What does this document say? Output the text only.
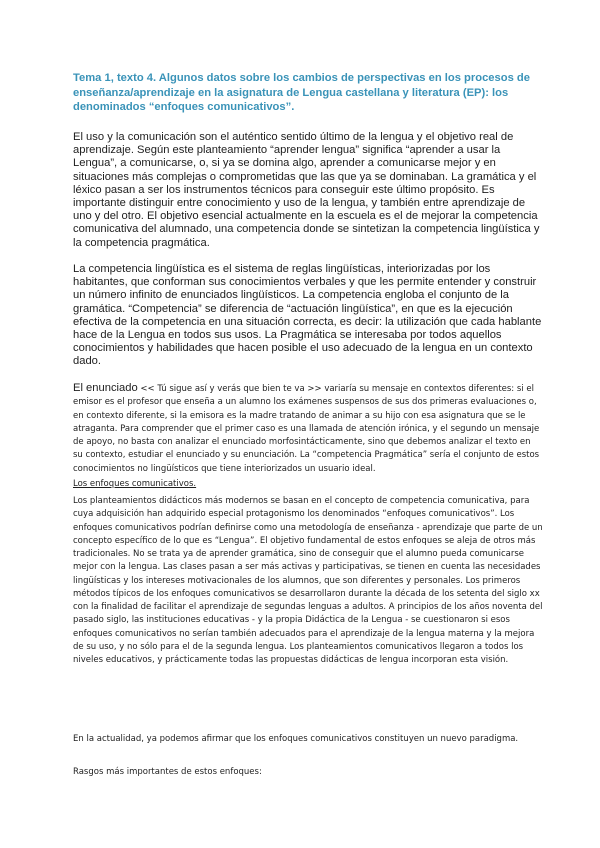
Tema 1, texto 4. Algunos datos sobre los cambios de perspectivas en los procesos de enseñanza/aprendizaje en la asignatura de Lengua castellana y literatura (EP): los denominados “enfoques comunicativos”.

El uso y la comunicación son el auténtico sentido último de la lengua y el objetivo real de aprendizaje. Según este planteamiento “aprender lengua” significa “aprender a usar la Lengua”, a comunicarse, o, si ya se domina algo, aprender a comunicarse mejor y en situaciones más complejas o comprometidas que las que ya se dominaban. La gramática y el léxico pasan a ser los instrumentos técnicos para conseguir este último propósito. Es importante distinguir entre conocimiento y uso de la lengua, y también entre aprendizaje de uno y del otro. El objetivo esencial actualmente en la escuela es el de mejorar la competencia comunicativa del alumnado, una competencia donde se sintetizan la competencia lingüística y la competencia pragmática.

La competencia lingüística es el sistema de reglas lingüísticas, interiorizadas por los habitantes, que conforman sus conocimientos verbales y que les permite entender y construir un número infinito de enunciados lingüísticos. La competencia engloba el conjunto de la gramática. “Competencia” se diferencia de “actuación lingüística”, en que es la ejecución efectiva de la competencia en una situación correcta, es decir: la utilización que cada hablante hace de la Lengua en todos sus usos. La Pragmática se interesaba por todos aquellos conocimientos y habilidades que hacen posible el uso adecuado de la lengua en un contexto dado.

El enunciado << Tú sigue así y verás que bien te va >> variaría su mensaje en contextos diferentes: si el emisor es el profesor que enseña a un alumno los exámenes suspensos de sus dos primeras evaluaciones o, en contexto diferente, si la emisora es la madre tratando de animar a su hijo con esa asignatura que se le atraganta. Para comprender que el primer caso es una llamada de atención irónica, y el segundo un mensaje de apoyo, no basta con analizar el enunciado morfosintácticamente, sino que debemos analizar el texto en su contexto, estudiar el enunciado y su enunciación. La “competencia Pragmática” sería el conjunto de estos conocimientos no lingüísticos que tiene interiorizados un usuario ideal.

Los enfoques comunicativos.

Los planteamientos didácticos más modernos se basan en el concepto de competencia comunicativa, para cuya adquisición han adquirido especial protagonismo los denominados “enfoques comunicativos”. Los enfoques comunicativos podrían definirse como una metodología de enseñanza - aprendizaje que parte de un concepto específico de lo que es “Lengua”. El objetivo fundamental de estos enfoques se aleja de otros más tradicionales. No se trata ya de aprender gramática, sino de conseguir que el alumno pueda comunicarse mejor con la lengua. Las clases pasan a ser más activas y participativas, se tienen en cuenta las necesidades lingüísticas y los intereses motivacionales de los alumnos, que son diferentes y personales. Los primeros métodos típicos de los enfoques comunicativos se desarrollaron durante la década de los setenta del siglo xx con la finalidad de facilitar el aprendizaje de segundas lenguas a adultos. A principios de los años noventa del pasado siglo, las instituciones educativas - y la propia Didáctica de la Lengua - se cuestionaron si esos enfoques comunicativos no serían también adecuados para el aprendizaje de la lengua materna y la mejora de su uso, y no sólo para el de la segunda lengua. Los planteamientos comunicativos llegaron a todos los niveles educativos, y prácticamente todas las propuestas didácticas de lengua incorporan esta visión.

En la actualidad, ya podemos afirmar que los enfoques comunicativos constituyen un nuevo paradigma.

Rasgos más importantes de estos enfoques:
